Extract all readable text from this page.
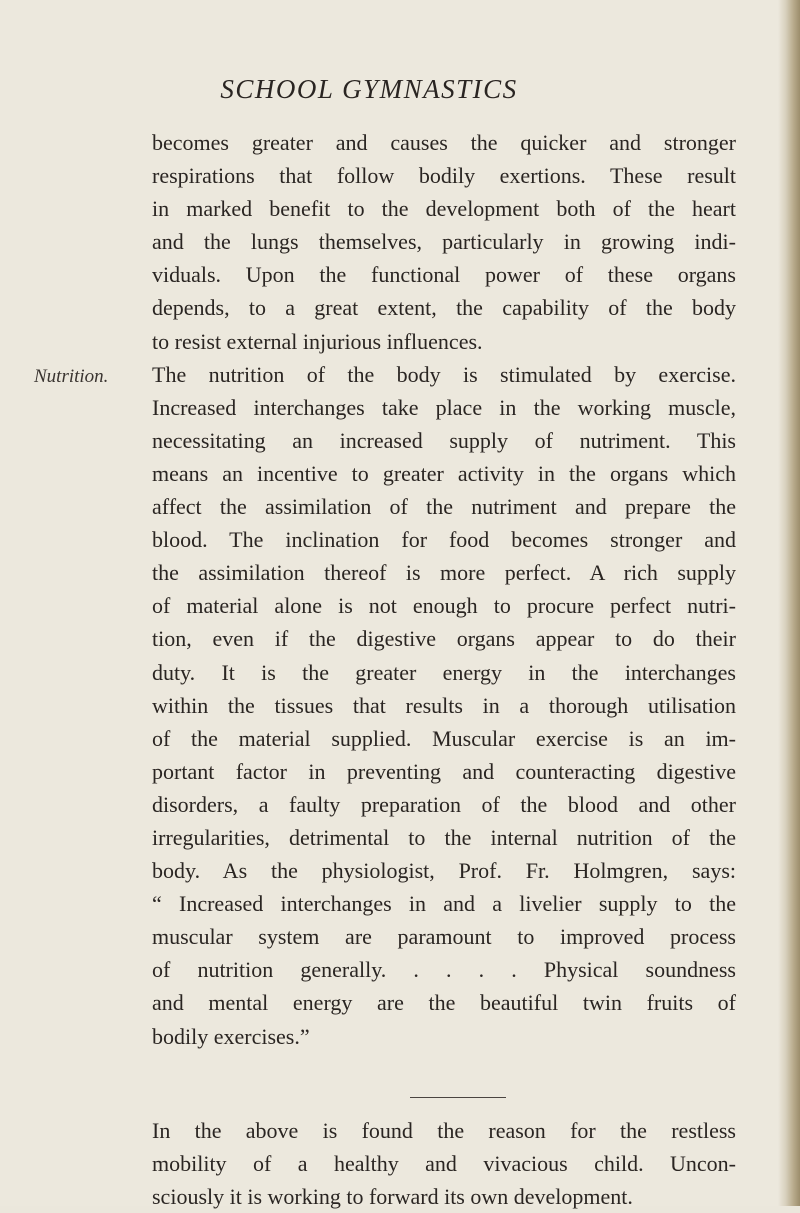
SCHOOL GYMNASTICS
Nutrition.
becomes greater and causes the quicker and stronger
respirations that follow bodily exertions. These result
in marked benefit to the development both of the heart
and the lungs themselves, particularly in growing indi-
viduals. Upon the functional power of these organs
depends, to a great extent, the capability of the body
to resist external injurious influences.
The nutrition of the body is stimulated by exercise.
Increased interchanges take place in the working muscle,
necessitating an increased supply of nutriment. This
means an incentive to greater activity in the organs which
affect the assimilation of the nutriment and prepare the
blood. The inclination for food becomes stronger and
the assimilation thereof is more perfect. A rich supply
of material alone is not enough to procure perfect nutri-
tion, even if the digestive organs appear to do their
duty. It is the greater energy in the interchanges
within the tissues that results in a thorough utilisation
of the material supplied. Muscular exercise is an im-
portant factor in preventing and counteracting digestive
disorders, a faulty preparation of the blood and other
irregularities, detrimental to the internal nutrition of the
body. As the physiologist, Prof. Fr. Holmgren, says:
“ Increased interchanges in and a livelier supply to the
muscular system are paramount to improved process
of nutrition generally. . . . . Physical soundness
and mental energy are the beautiful twin fruits of
bodily exercises.”
In the above is found the reason for the restless
mobility of a healthy and vivacious child. Uncon-
sciously it is working to forward its own development.
